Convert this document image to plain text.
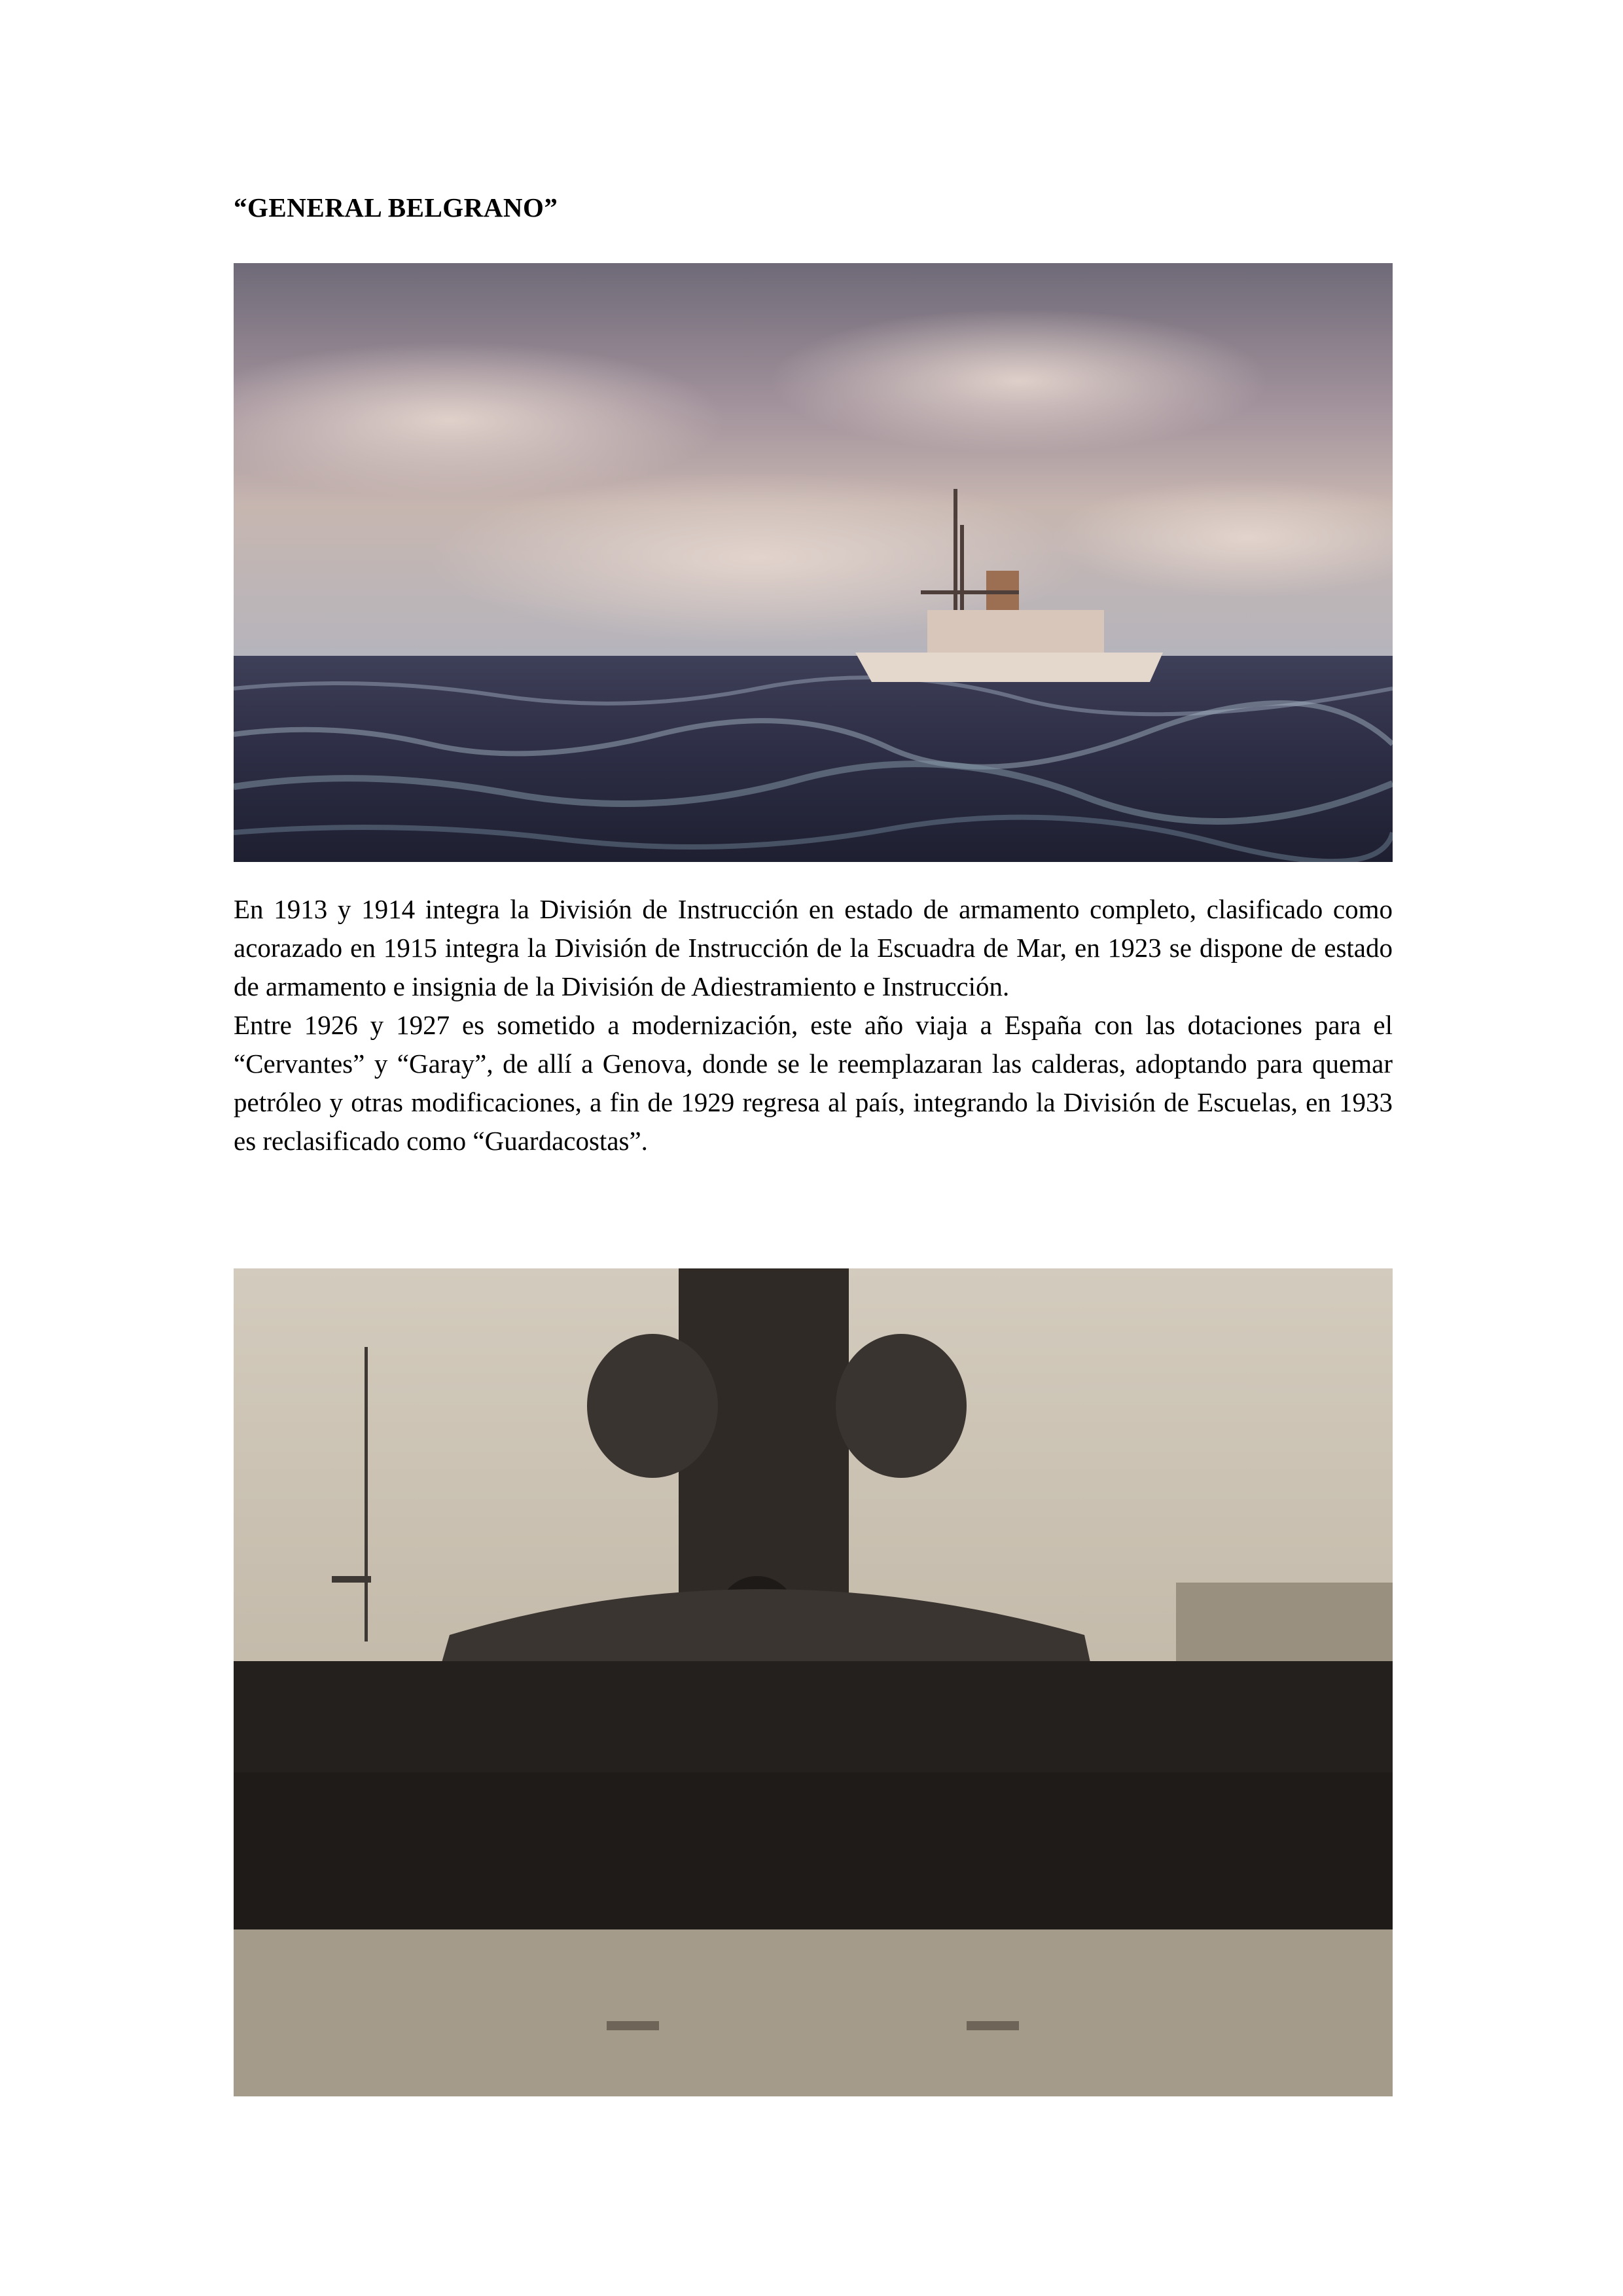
“GENERAL BELGRANO”

En 1913 y 1914 integra la División de Instrucción en estado de armamento completo, clasificado como acorazado en 1915 integra la División de Instrucción de la Escuadra de Mar, en 1923 se dispone de estado de armamento e insignia de la División de Adiestramiento e Instrucción.

Entre 1926 y 1927 es sometido a modernización, este año viaja a España con las dotaciones para el “Cervantes” y “Garay”, de allí a Genova, donde se le reemplazaran las calderas, adoptando para quemar petróleo y otras modificaciones, a fin de 1929 regresa al país, integrando la División de Escuelas, en 1933 es reclasificado como “Guardacostas”.
